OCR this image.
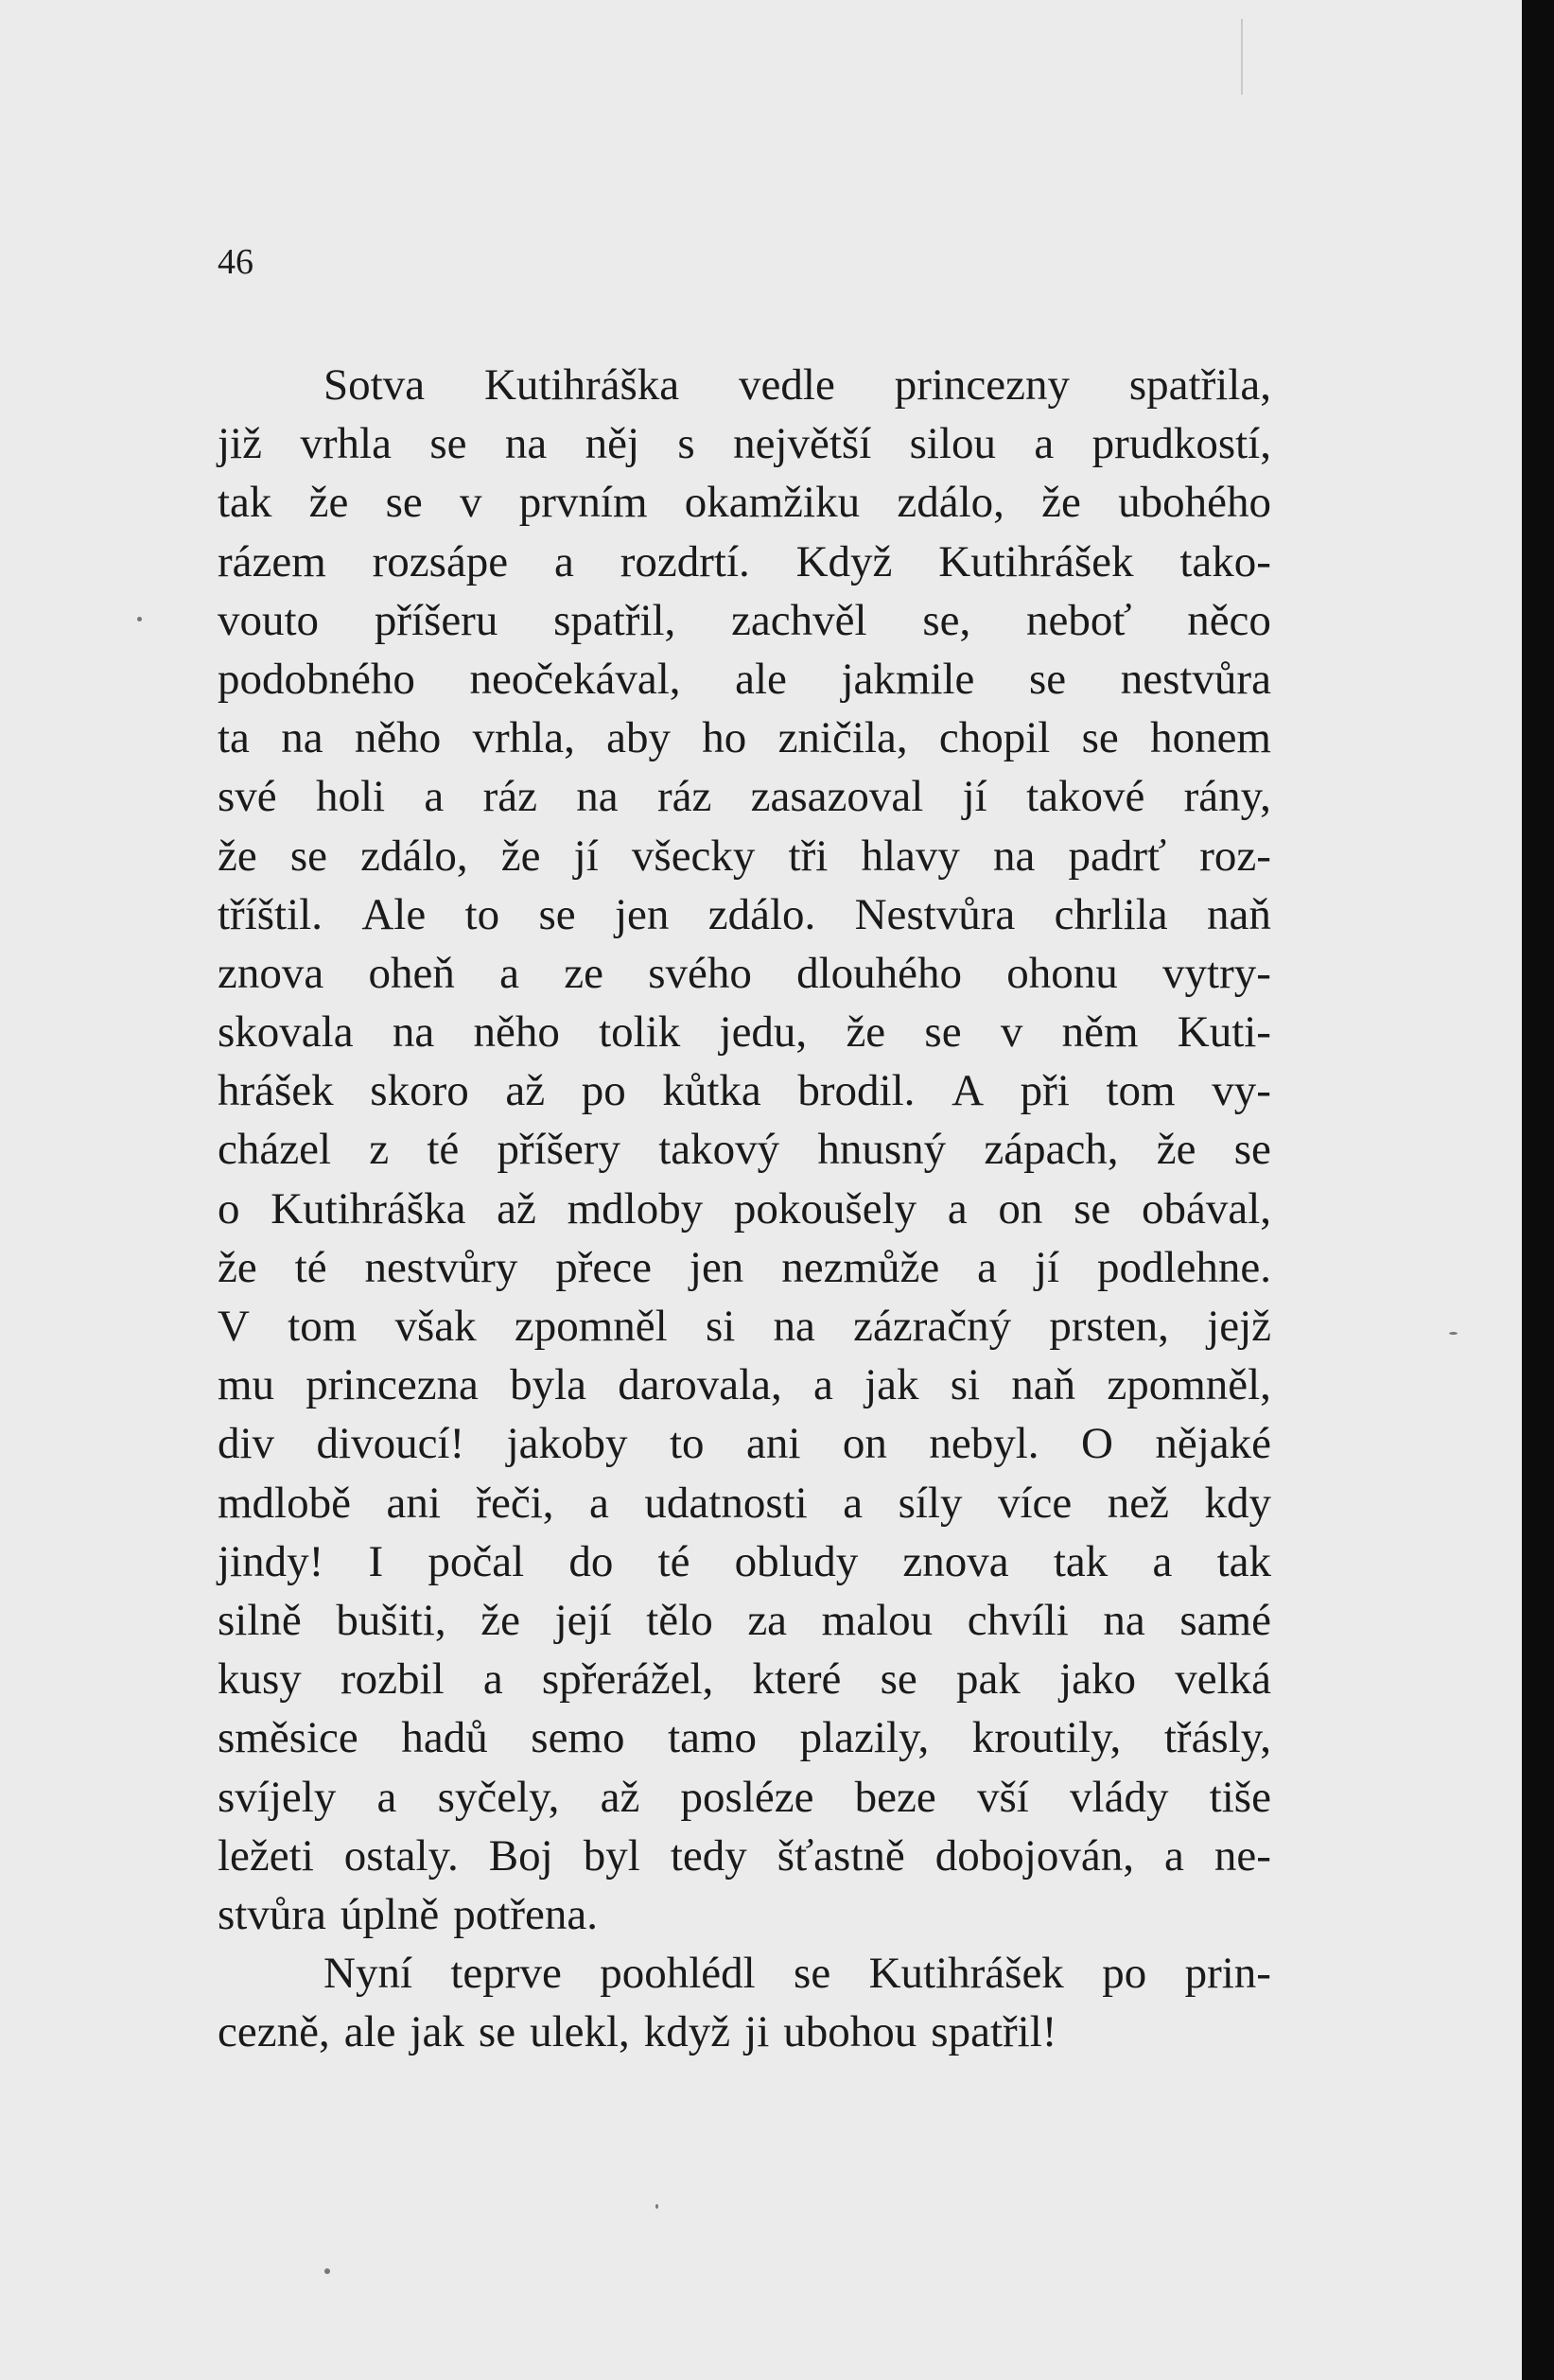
46

Sotva Kutihráška vedle princezny spatřila,
již vrhla se na něj s největší silou a prudkostí,
tak že se v prvním okamžiku zdálo, že ubohého
rázem rozsápe a rozdrtí. Když Kutihrášek tako-
vouto příšeru spatřil, zachvěl se, neboť něco
podobného neočekával, ale jakmile se nestvůra
ta na něho vrhla, aby ho zničila, chopil se honem
své holi a ráz na ráz zasazoval jí takové rány,
že se zdálo, že jí všecky tři hlavy na padrť roz-
tříštil. Ale to se jen zdálo. Nestvůra chrlila naň
znova oheň a ze svého dlouhého ohonu vytry-
skovala na něho tolik jedu, že se v něm Kuti-
hrášek skoro až po kůtka brodil. A při tom vy-
cházel z té příšery takový hnusný zápach, že se
o Kutihráška až mdloby pokoušely a on se obával,
že té nestvůry přece jen nezmůže a jí podlehne.
V tom však zpomněl si na zázračný prsten, jejž
mu princezna byla darovala, a jak si naň zpomněl,
div divoucí! jakoby to ani on nebyl. O nějaké
mdlobě ani řeči, a udatnosti a síly více než kdy
jindy! I počal do té obludy znova tak a tak
silně bušiti, že její tělo za malou chvíli na samé
kusy rozbil a spřerážel, které se pak jako velká
směsice hadů semo tamo plazily, kroutily, třásly,
svíjely a syčely, až posléze beze vší vlády tiše
ležeti ostaly. Boj byl tedy šťastně dobojován, a ne-
stvůra úplně potřena.
Nyní teprve poohlédl se Kutihrášek po prin-
cezně, ale jak se ulekl, když ji ubohou spatřil!
